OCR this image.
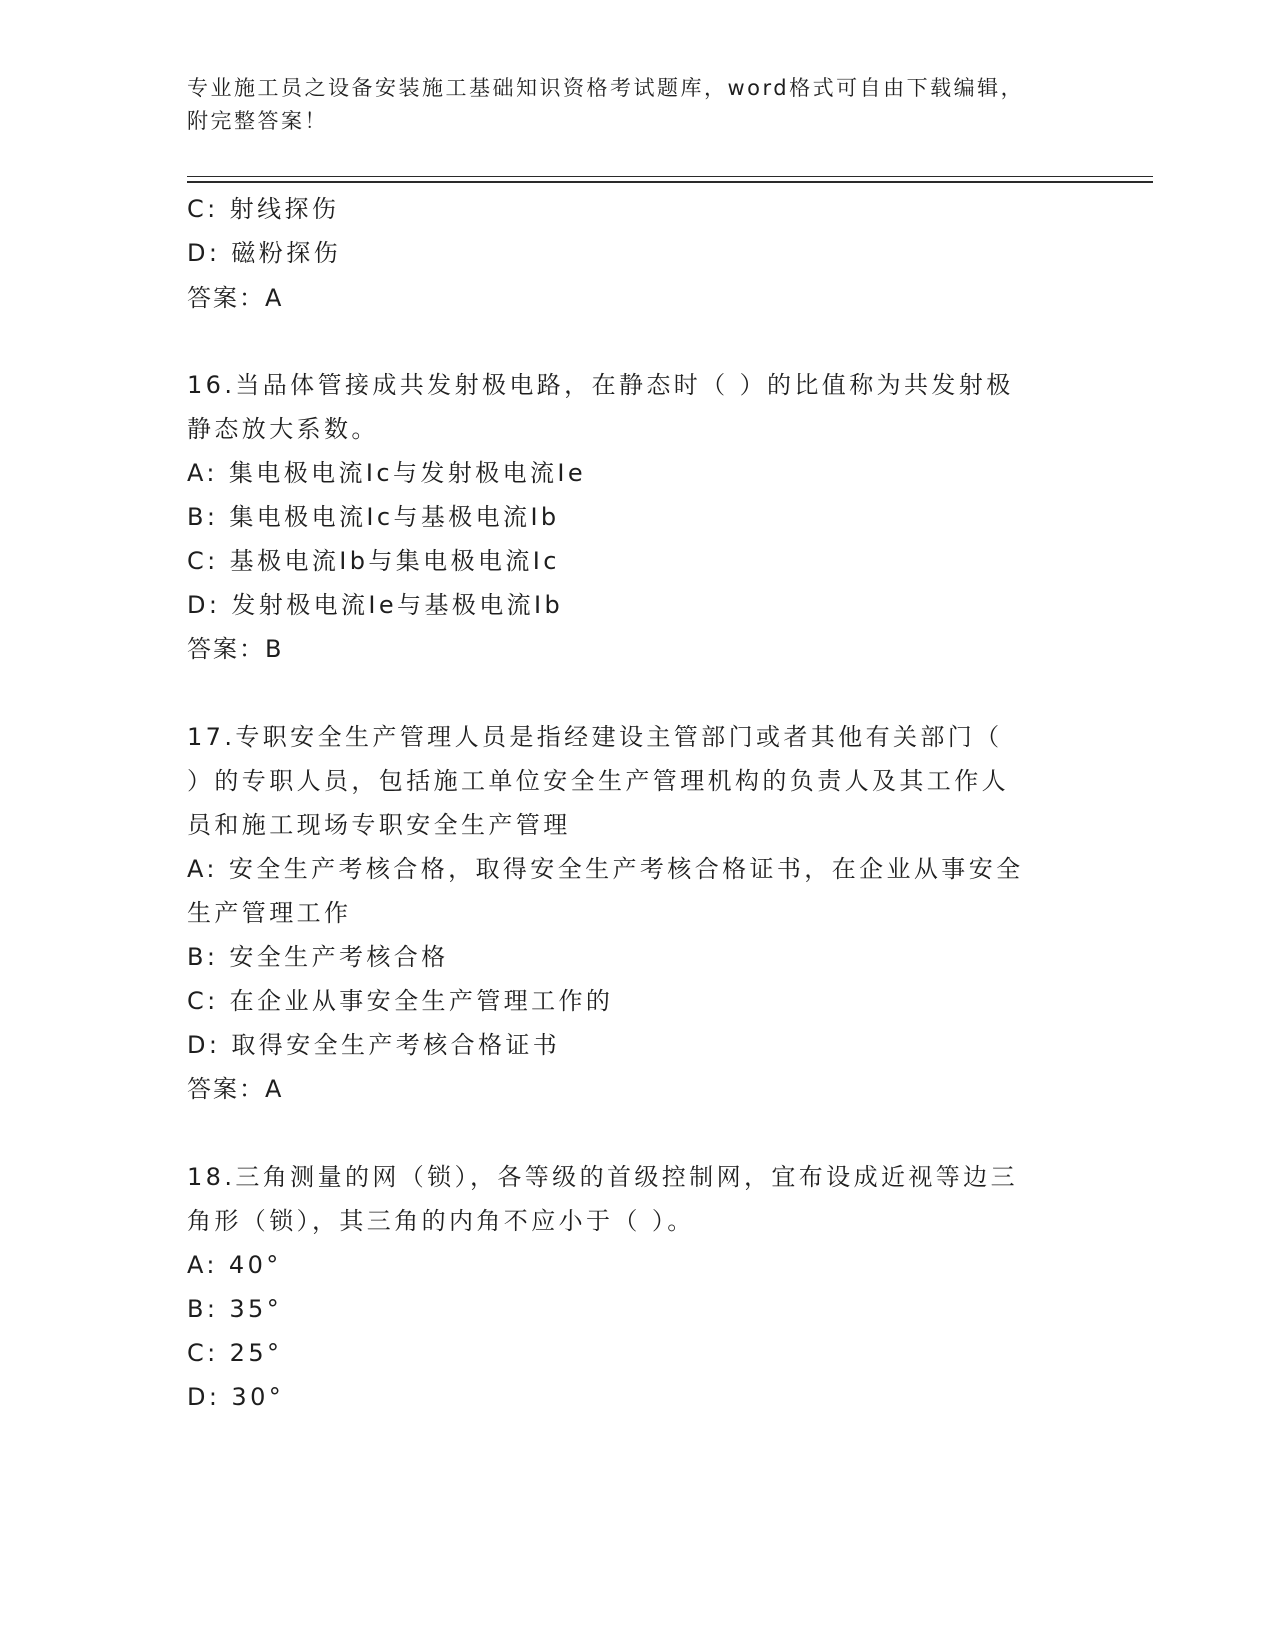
专业施工员之设备安装施工基础知识资格考试题库，word格式可自由下载编辑，
附完整答案！
C: 射线探伤
D: 磁粉探伤
答案：A
16.当品体管接成共发射极电路，在静态时（ ）的比值称为共发射极
静态放大系数。
A: 集电极电流Ic与发射极电流Ie
B: 集电极电流Ic与基极电流Ib
C: 基极电流Ib与集电极电流Ic
D: 发射极电流Ie与基极电流Ib
答案：B
17.专职安全生产管理人员是指经建设主管部门或者其他有关部门（
）的专职人员，包括施工单位安全生产管理机构的负责人及其工作人
员和施工现场专职安全生产管理
A: 安全生产考核合格，取得安全生产考核合格证书，在企业从事安全
生产管理工作
B: 安全生产考核合格
C: 在企业从事安全生产管理工作的
D: 取得安全生产考核合格证书
答案：A
18.三角测量的网（锁），各等级的首级控制网，宜布设成近视等边三
角形（锁），其三角的内角不应小于（ ）。
A: 40°
B: 35°
C: 25°
D: 30°
